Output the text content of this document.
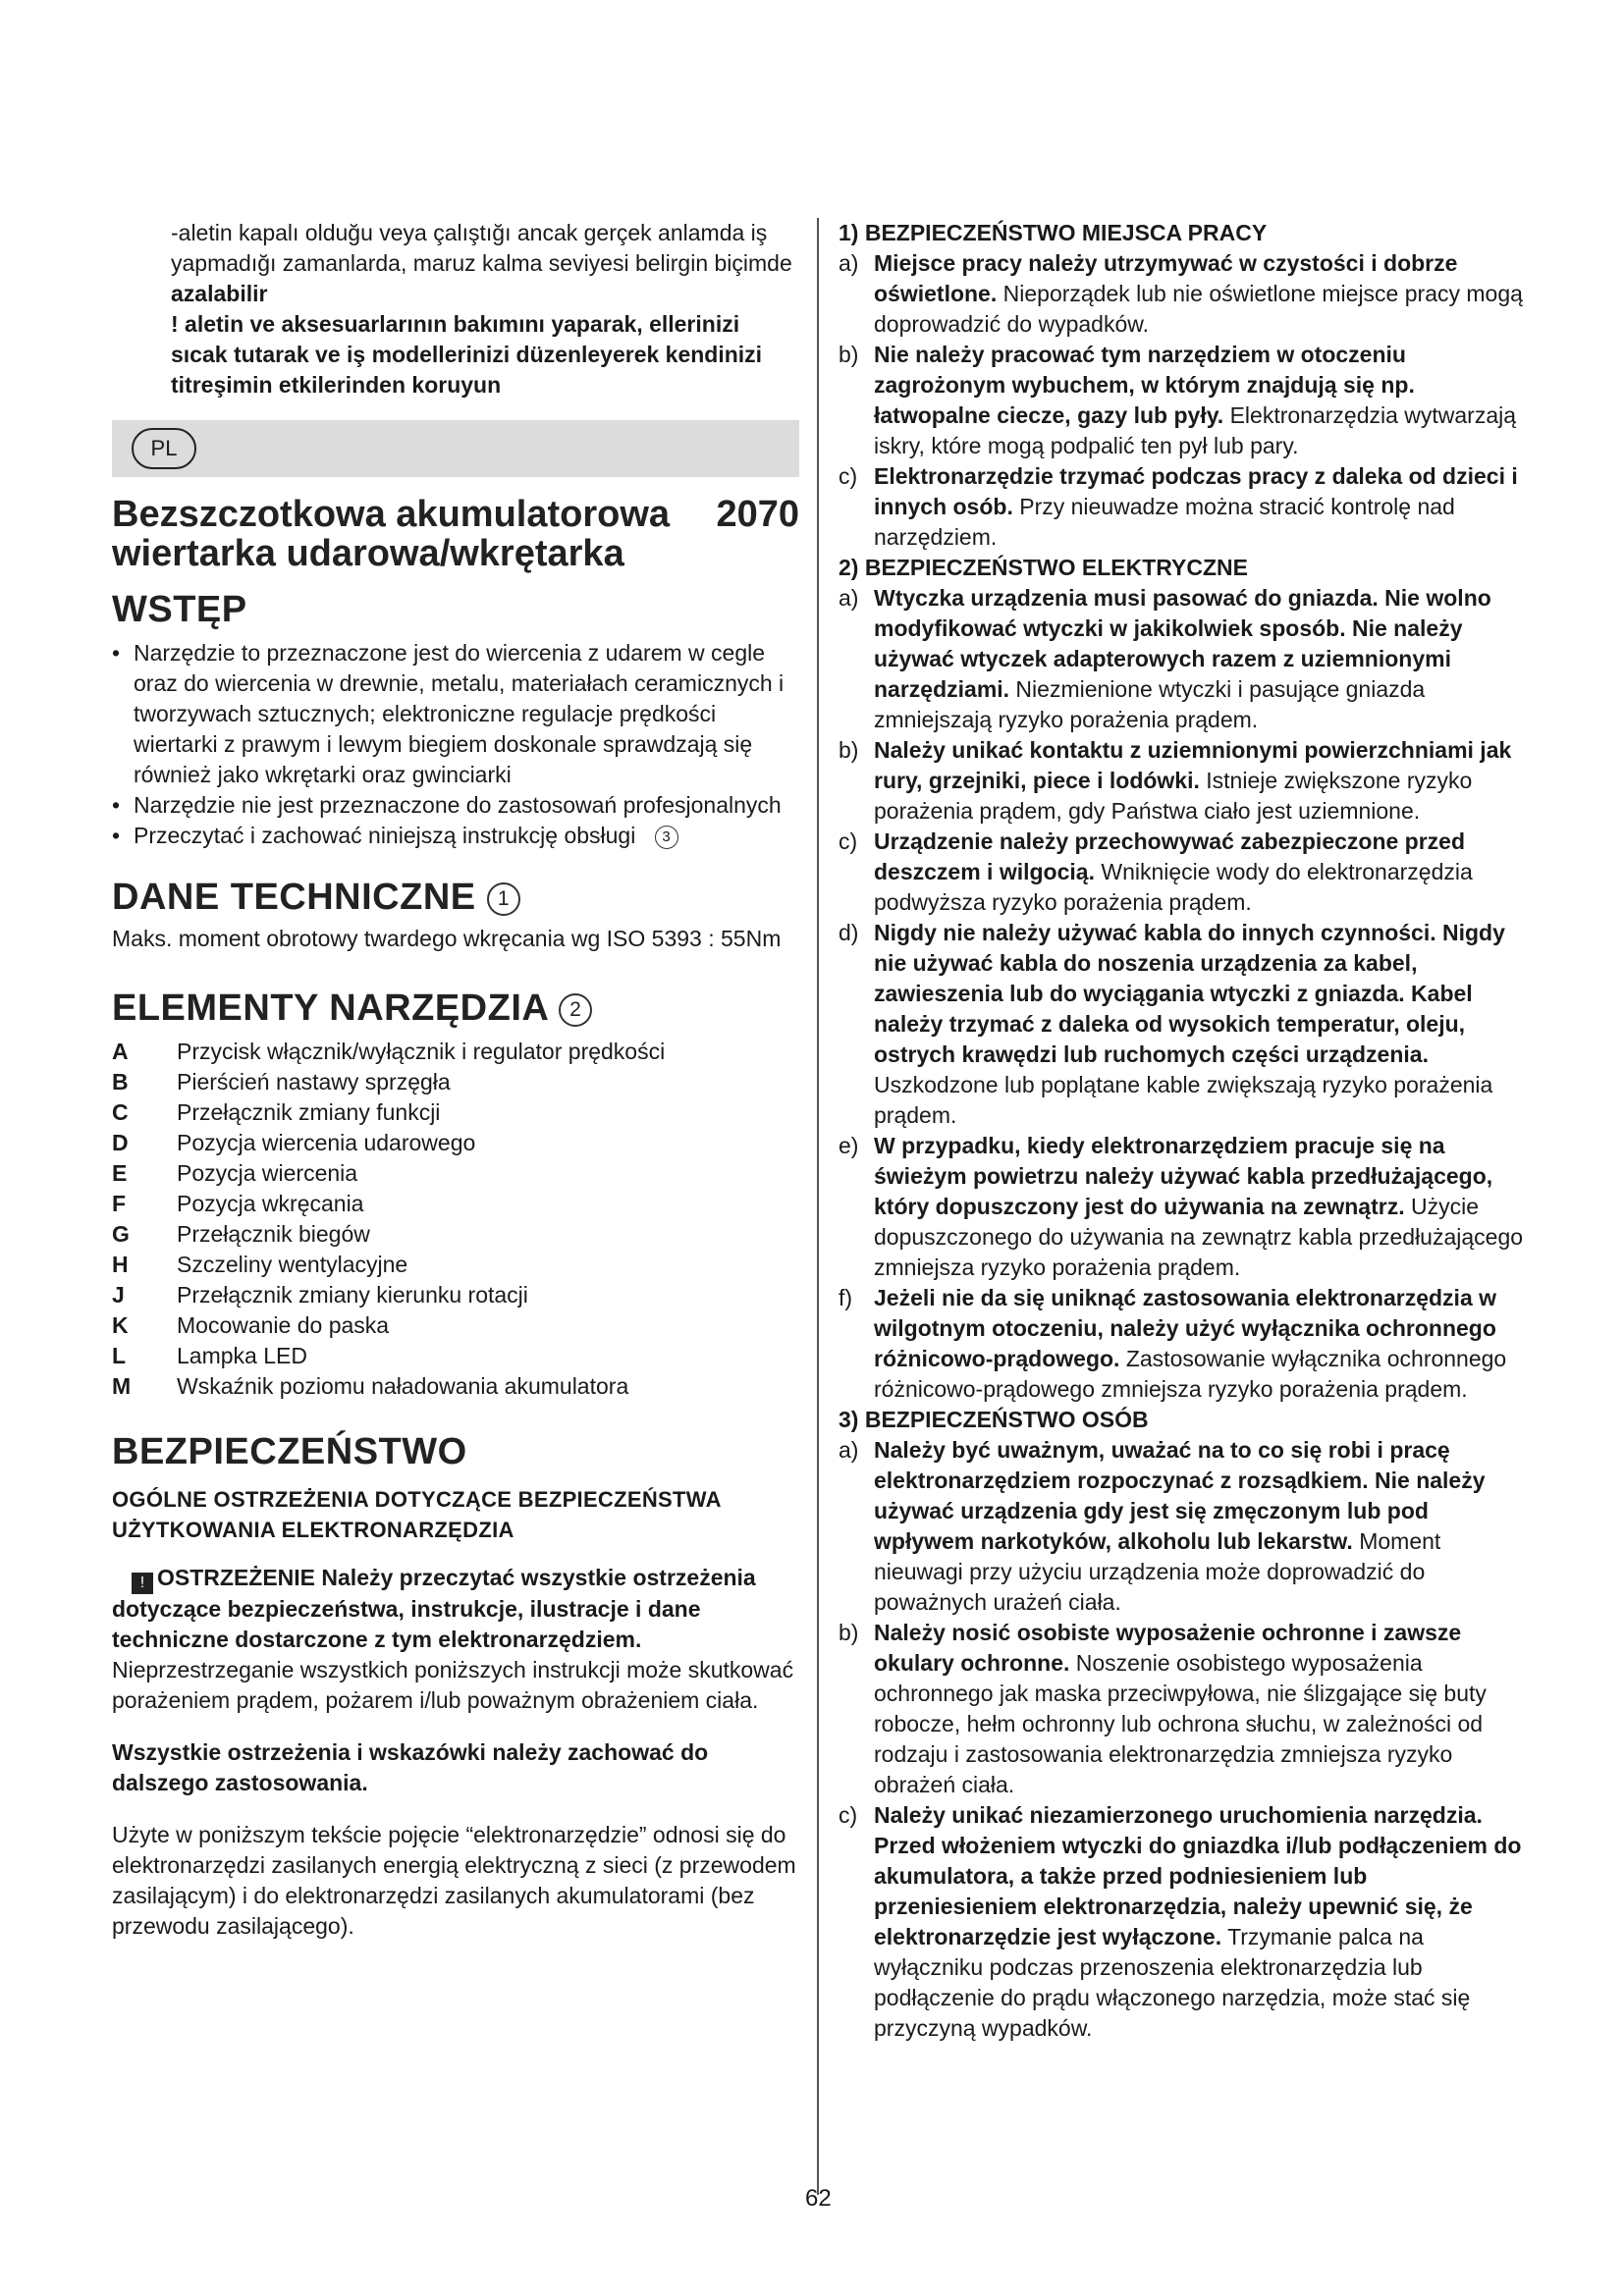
-aletin kapalı olduğu veya çalıştığı ancak gerçek anlamda iş yapmadığı zamanlarda, maruz kalma seviyesi belirgin biçimde azalabilir

! aletin ve aksesuarlarının bakımını yaparak, ellerinizi sıcak tutarak ve iş modellerinizi düzenleyerek kendinizi titreşimin etkilerinden koruyun

PL
Bezszczotkowa akumulatorowa	2070
wiertarka udarowa/wkrętarka
WSTĘP
• Narzędzie to przeznaczone jest do wiercenia z udarem w cegle oraz do wiercenia w drewnie, metalu, materiałach ceramicznych i tworzywach sztucznych; elektroniczne regulacje prędkości wiertarki z prawym i lewym biegiem doskonale sprawdzają się również jako wkrętarki oraz gwinciarki
• Narzędzie nie jest przeznaczone do zastosowań profesjonalnych
• Przeczytać i zachować niniejszą instrukcję obsługi 3
DANE TECHNICZNE 1

Maks. moment obrotowy twardego wkręcania wg ISO 5393 : 55Nm

ELEMENTY NARZĘDZIA 2
A	Przycisk włącznik/wyłącznik i regulator prędkości
B	Pierścień nastawy sprzęgła
C	Przełącznik zmiany funkcji
D	Pozycja wiercenia udarowego
E	Pozycja wiercenia
F	Pozycja wkręcania
G	Przełącznik biegów
H	Szczeliny wentylacyjne
J	Przełącznik zmiany kierunku rotacji
K	Mocowanie do paska
L	Lampka LED
M	Wskaźnik poziomu naładowania akumulatora
BEZPIECZEŃSTWO
OGÓLNE OSTRZEŻENIA DOTYCZĄCE BEZPIECZEŃSTWA UŻYTKOWANIA ELEKTRONARZĘDZIA

! OSTRZEŻENIE Należy przeczytać wszystkie ostrzeżenia dotyczące bezpieczeństwa, instrukcje, ilustracje i dane techniczne dostarczone z tym elektronarzędziem. Nieprzestrzeganie wszystkich poniższych instrukcji może skutkować porażeniem prądem, pożarem i/lub poważnym obrażeniem ciała.

Wszystkie ostrzeżenia i wskazówki należy zachować do dalszego zastosowania.

Użyte w poniższym tekście pojęcie “elektronarzędzie” odnosi się do elektronarzędzi zasilanych energią elektryczną z sieci (z przewodem zasilającym) i do elektronarzędzi zasilanych akumulatorami (bez przewodu zasilającego).

1) BEZPIECZEŃSTWO MIEJSCA PRACY
a) Miejsce pracy należy utrzymywać w czystości i dobrze oświetlone. Nieporządek lub nie oświetlone miejsce pracy mogą doprowadzić do wypadków.
b) Nie należy pracować tym narzędziem w otoczeniu zagrożonym wybuchem, w którym znajdują się np. łatwopalne ciecze, gazy lub pyły. Elektronarzędzia wytwarzają iskry, które mogą podpalić ten pył lub pary.
c) Elektronarzędzie trzymać podczas pracy z daleka od dzieci i innych osób. Przy nieuwadze można stracić kontrolę nad narzędziem.
2) BEZPIECZEŃSTWO ELEKTRYCZNE
a) Wtyczka urządzenia musi pasować do gniazda. Nie wolno modyfikować wtyczki w jakikolwiek sposób. Nie należy używać wtyczek adapterowych razem z uziemnionymi narzędziami. Niezmienione wtyczki i pasujące gniazda zmniejszają ryzyko porażenia prądem.
b) Należy unikać kontaktu z uziemnionymi powierzchniami jak rury, grzejniki, piece i lodówki. Istnieje zwiększone ryzyko porażenia prądem, gdy Państwa ciało jest uziemnione.
c) Urządzenie należy przechowywać zabezpieczone przed deszczem i wilgocią. Wniknięcie wody do elektronarzędzia podwyższa ryzyko porażenia prądem.
d) Nigdy nie należy używać kabla do innych czynności. Nigdy nie używać kabla do noszenia urządzenia za kabel, zawieszenia lub do wyciągania wtyczki z gniazda. Kabel należy trzymać z daleka od wysokich temperatur, oleju, ostrych krawędzi lub ruchomych części urządzenia. Uszkodzone lub poplątane kable zwiększają ryzyko porażenia prądem.
e) W przypadku, kiedy elektronarzędziem pracuje się na świeżym powietrzu należy używać kabla przedłużającego, który dopuszczony jest do używania na zewnątrz. Użycie dopuszczonego do używania na zewnątrz kabla przedłużającego zmniejsza ryzyko porażenia prądem.
f) Jeżeli nie da się uniknąć zastosowania elektronarzędzia w wilgotnym otoczeniu, należy użyć wyłącznika ochronnego różnicowo-prądowego. Zastosowanie wyłącznika ochronnego różnicowo-prądowego zmniejsza ryzyko porażenia prądem.
3) BEZPIECZEŃSTWO OSÓB
a) Należy być uważnym, uważać na to co się robi i pracę elektronarzędziem rozpoczynać z rozsądkiem. Nie należy używać urządzenia gdy jest się zmęczonym lub pod wpływem narkotyków, alkoholu lub lekarstw. Moment nieuwagi przy użyciu urządzenia może doprowadzić do poważnych urażeń ciała.
b) Należy nosić osobiste wyposażenie ochronne i zawsze okulary ochronne. Noszenie osobistego wyposażenia ochronnego jak maska przeciwpyłowa, nie ślizgające się buty robocze, hełm ochronny lub ochrona słuchu, w zależności od rodzaju i zastosowania elektronarzędzia zmniejsza ryzyko obrażeń ciała.
c) Należy unikać niezamierzonego uruchomienia narzędzia. Przed włożeniem wtyczki do gniazdka i/lub podłączeniem do akumulatora, a także przed podniesieniem lub przeniesieniem elektronarzędzia, należy upewnić się, że elektronarzędzie jest wyłączone. Trzymanie palca na wyłączniku podczas przenoszenia elektronarzędzia lub podłączenie do prądu włączonego narzędzia, może stać się przyczyną wypadków.
62
